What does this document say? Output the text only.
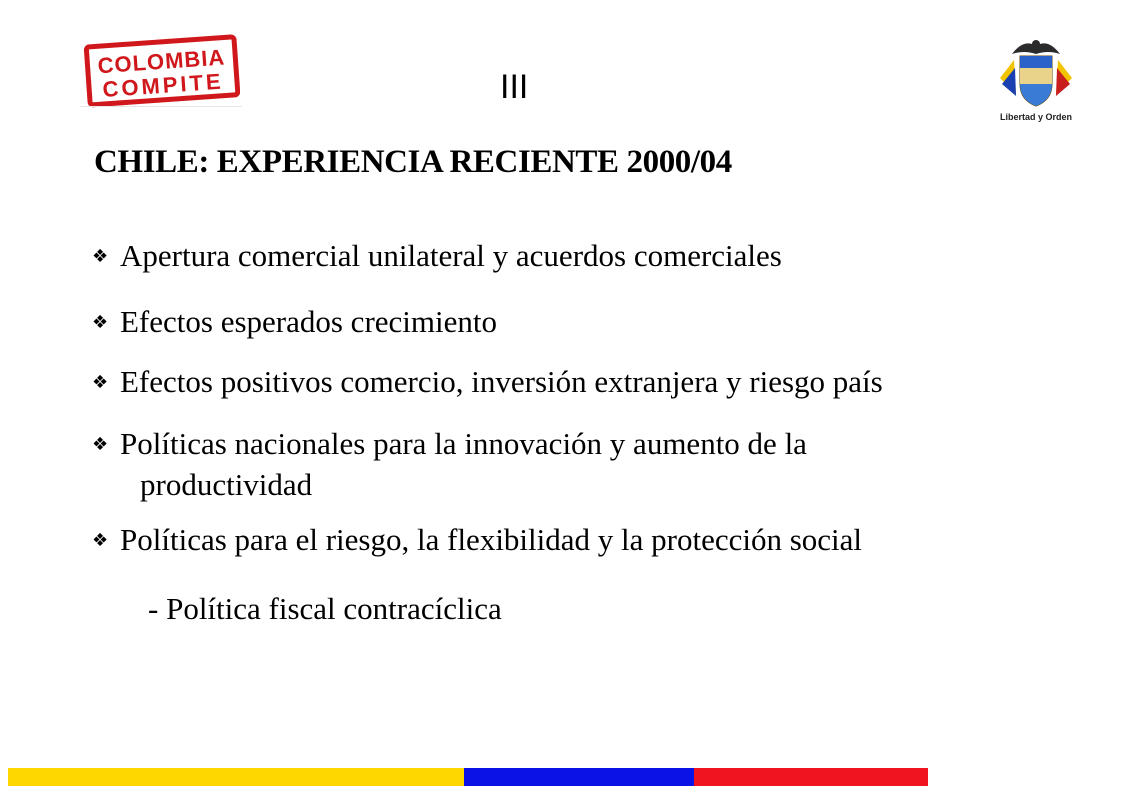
COLOMBIA
COMPITE	III
Libertad y Orden
CHILE: EXPERIENCIA RECIENTE 2000/04
❖ Apertura comercial unilateral y acuerdos comerciales
❖ Efectos esperados crecimiento
❖ Efectos positivos comercio, inversión extranjera y riesgo país
❖ Políticas nacionales para la innovación y aumento de la
productividad
❖ Políticas para el riesgo, la flexibilidad y la protección social
- Política fiscal contracíclica
